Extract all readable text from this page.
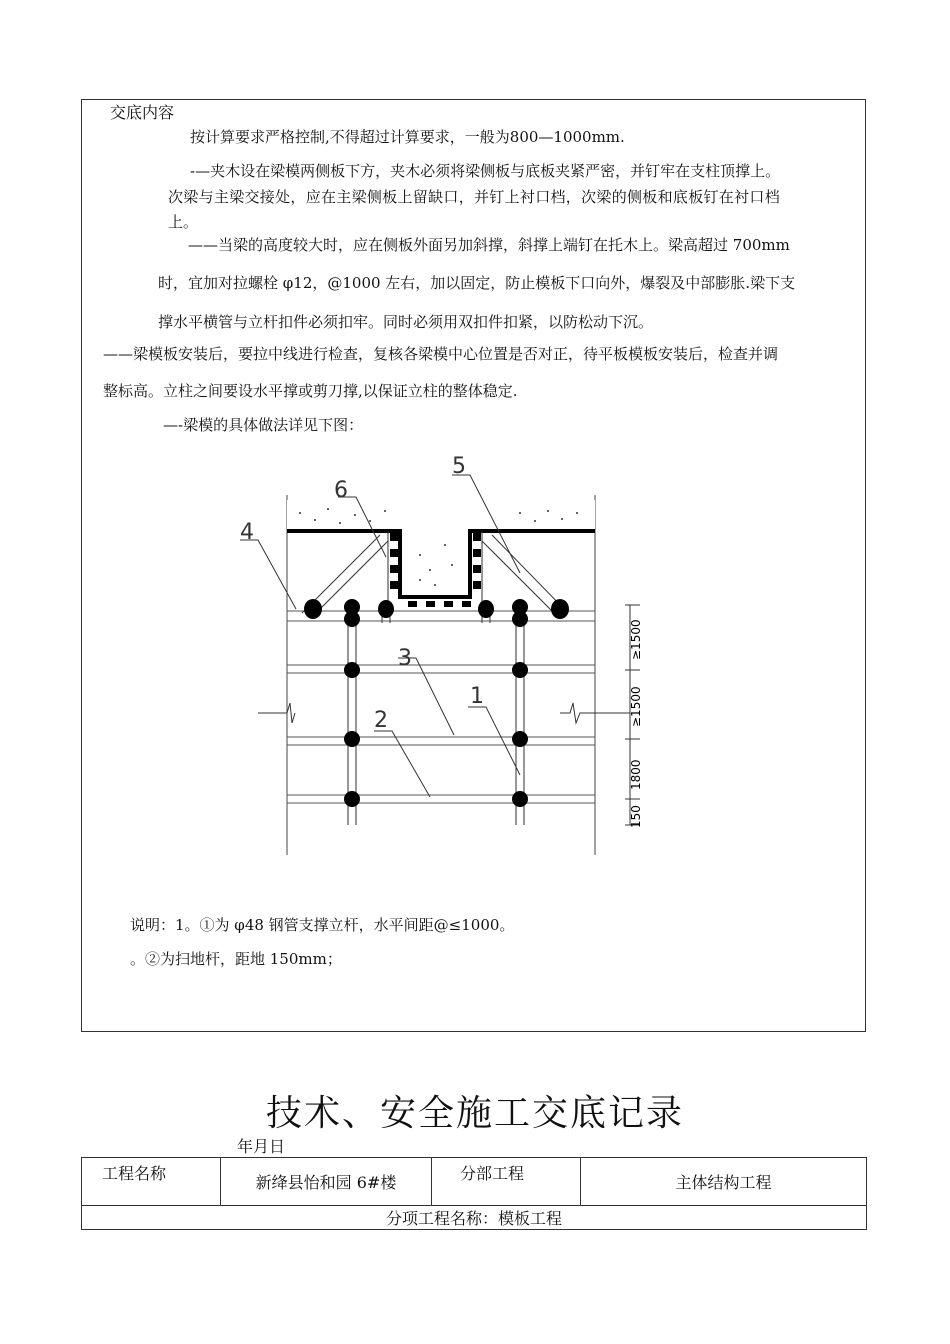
交底内容
按计算要求严格控制,不得超过计算要求，一般为800—1000mm.
-—夹木设在梁模两侧板下方，夹木必须将梁侧板与底板夹紧严密，并钉牢在支柱顶撑上。
次梁与主梁交接处，应在主梁侧板上留缺口，并钉上衬口档，次梁的侧板和底板钉在衬口档
上。
——当梁的高度较大时，应在侧板外面另加斜撑，斜撑上端钉在托木上。梁高超过 700mm
时，宜加对拉螺栓 φ12，@1000 左右，加以固定，防止模板下口向外，爆裂及中部膨胀.梁下支
撑水平横管与立杆扣件必须扣牢。同时必须用双扣件扣紧，以防松动下沉。
——梁模板安装后，要拉中线进行检查，复核各梁模中心位置是否对正，待平板模板安装后，检查并调
整标高。立柱之间要设水平撑或剪刀撑,以保证立柱的整体稳定.
—-梁模的具体做法详见下图：
≥1500
≥1500
1800
150
1
2
3
4
5
6
说明：1。①为 φ48 钢管支撑立杆，水平间距@≤1000。
。②为扫地杆，距地 150mm；
技术、安全施工交底记录
年月日
工程名称	新绛县怡和园 6#楼	分部工程	主体结构工程
分项工程名称：模板工程
